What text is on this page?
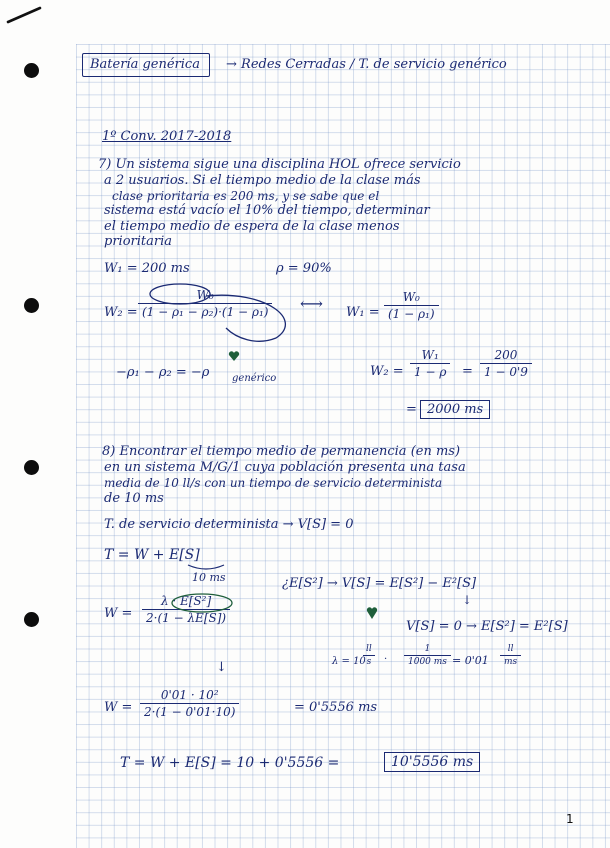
Batería genérica → Redes Cerradas / T. de servicio genérico
1º Conv. 2017-2018
7) Un sistema sigue una disciplina HOL ofrece servicio
a 2 usuarios. Si el tiempo medio de la clase más
clase prioritaria es 200 ms, y se sabe que el
sistema está vacío el 10% del tiempo, determinar
el tiempo medio de espera de la clase menos
prioritaria
W₁ = 200 ms	ρ = 90%
$W_2 = \frac{\text{W₀}}{\text{(1 − ρ₁ − ρ₂)·(1 − ρ₁)}}$ ⟷ $W_1 = \frac{\text{W₀}}{\text{(1 − ρ₁)}}$
−ρ₁ − ρ₂ = −ρ genérico	$W_2 = \frac{\text{W₁}}{1 - \rho} = \frac{200}{1 - 0'9}$
2000 ms
=
8) Encontrar el tiempo medio de permanencia (en ms)
en un sistema M/G/1 cuya población presenta una tasa
media de 10 ll/s con un tiempo de servicio determinista
de 10 ms
T. de servicio determinista → V[S] = 0
T = W + E[S]
10 ms	¿E[S²] → V[S] = E[S²] − E²[S]
↓
$W = \frac{\text{λ · E[S²]}}{2\cdot(1 - \lambda E[S])}$
V[S] = 0 → E[S²] = E²[S]
λ = 10
$\frac{ll}{s} \cdot \frac{1}{1000 ms} = 0'01 \frac{ll}{ms}$
↓
$W = \frac{\text{0'01 · 10²}}{2\cdot(1 - 0'01\cdot 10)}$	= 0'5556 ms
T = W + E[S] = 10 + 0'5556 =	10'5556 ms
1
